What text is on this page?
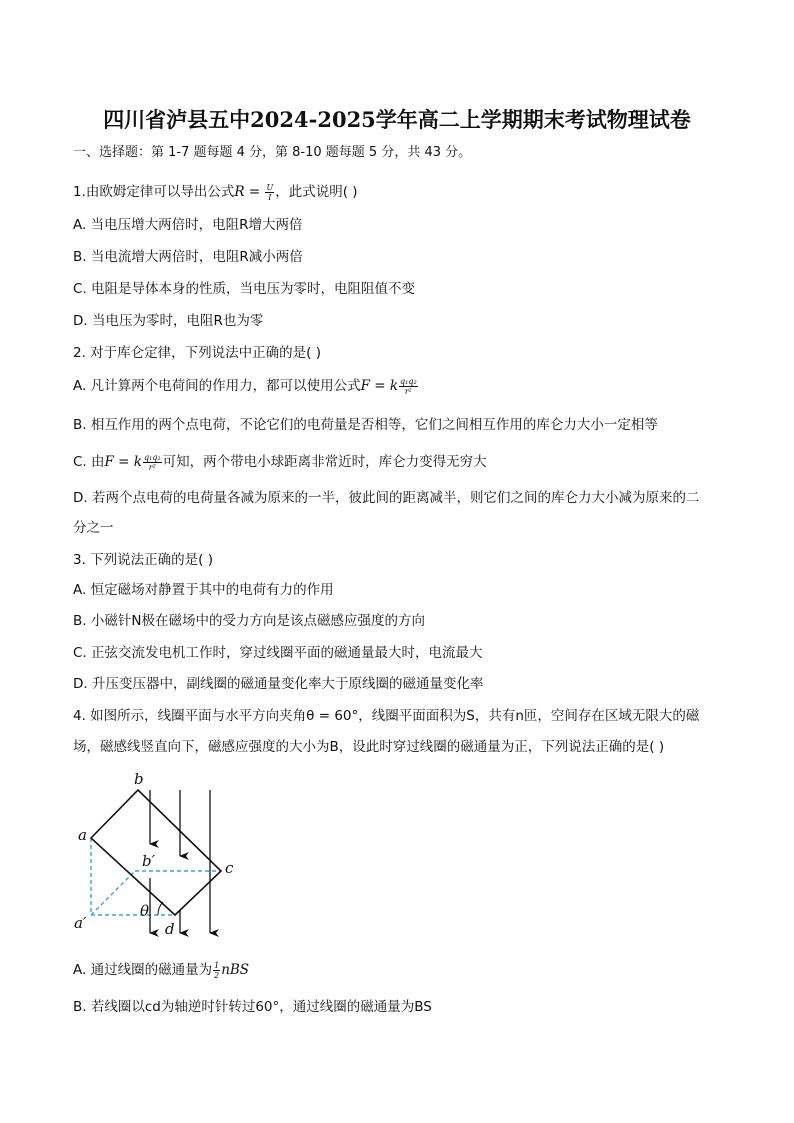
四川省泸县五中2024-2025学年高二上学期期末考试物理试卷
一、选择题：第 1-7 题每题 4 分，第 8-10 题每题 5 分，共 43 分。
1.由欧姆定律可以导出公式$R = \frac{U}{I}$ ，此式说明( )
A. 当电压增大两倍时，电阻R增大两倍
B. 当电流增大两倍时，电阻R减小两倍
C. 电阻是导体本身的性质，当电压为零时，电阻阻值不变
D. 当电压为零时，电阻R也为零
2. 对于库仑定律，下列说法中正确的是( )
A. 凡计算两个电荷间的作用力，都可以使用公式F = k $\frac{\text{q₁q₂}}{\text{r²}}$
B. 相互作用的两个点电荷，不论它们的电荷量是否相等，它们之间相互作用的库仑力大小一定相等
C. 由F = k $\frac{\text{q₁q₂}}{\text{r²}}$ 可知，两个带电小球距离非常近时，库仑力变得无穷大
D. 若两个点电荷的电荷量各减为原来的一半，彼此间的距离减半，则它们之间的库仑力大小减为原来的二
分之一
3. 下列说法正确的是( )
A. 恒定磁场对静置于其中的电荷有力的作用
B. 小磁针N极在磁场中的受力方向是该点磁感应强度的方向
C. 正弦交流发电机工作时，穿过线圈平面的磁通量最大时，电流最大
D. 升压变压器中，副线圈的磁通量变化率大于原线圈的磁通量变化率
4. 如图所示，线圈平面与水平方向夹角θ = 60°，线圈平面面积为S，共有n匝，空间存在区域无限大的磁
场，磁感线竖直向下，磁感应强度的大小为B，设此时穿过线圈的磁通量为正，下列说法正确的是( )
b
a
b′	c
a′
θ
d
A. 通过线圈的磁通量为 $\frac{1}{2}$ nBS
B. 若线圈以cd为轴逆时针转过60°，通过线圈的磁通量为BS
